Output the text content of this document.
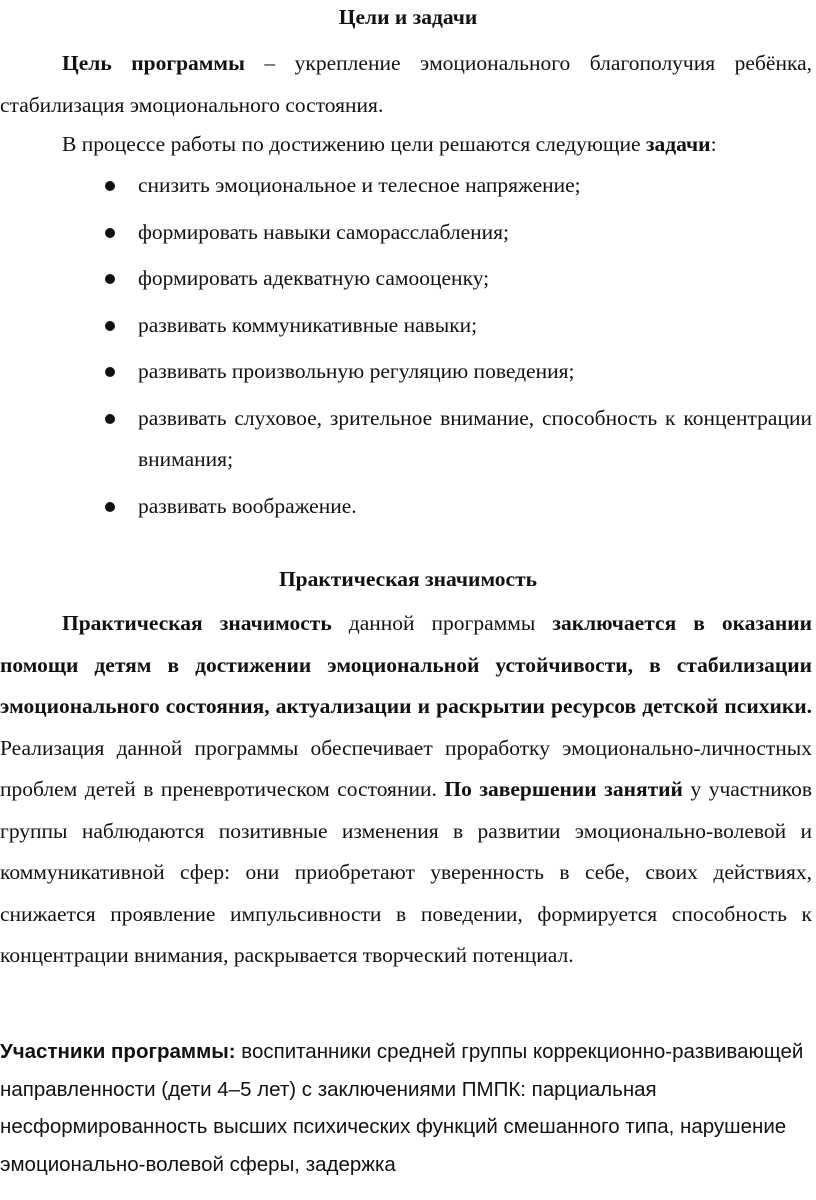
Цели и задачи
Цель программы – укрепление эмоционального благополучия ребёнка, стабилизация эмоционального состояния.
В процессе работы по достижению цели решаются следующие задачи:
снизить эмоциональное и телесное напряжение;
формировать навыки саморасслабления;
формировать адекватную самооценку;
развивать коммуникативные навыки;
развивать произвольную регуляцию поведения;
развивать слуховое, зрительное внимание, способность к концентрации внимания;
развивать воображение.
Практическая значимость
Практическая значимость данной программы заключается в оказании помощи детям в достижении эмоциональной устойчивости, в стабилизации эмоционального состояния, актуализации и раскрытии ресурсов детской психики. Реализация данной программы обеспечивает проработку эмоционально-личностных проблем детей в преневротическом состоянии. По завершении занятий у участников группы наблюдаются позитивные изменения в развитии эмоционально-волевой и коммуникативной сфер: они приобретают уверенность в себе, своих действиях, снижается проявление импульсивности в поведении, формируется способность к концентрации внимания, раскрывается творческий потенциал.
Участники программы: воспитанники средней группы коррекционно-развивающей направленности (дети 4–5 лет) с заключениями ПМПК: парциальная несформированность высших психических функций смешанного типа, нарушение эмоционально-волевой сферы, задержка
